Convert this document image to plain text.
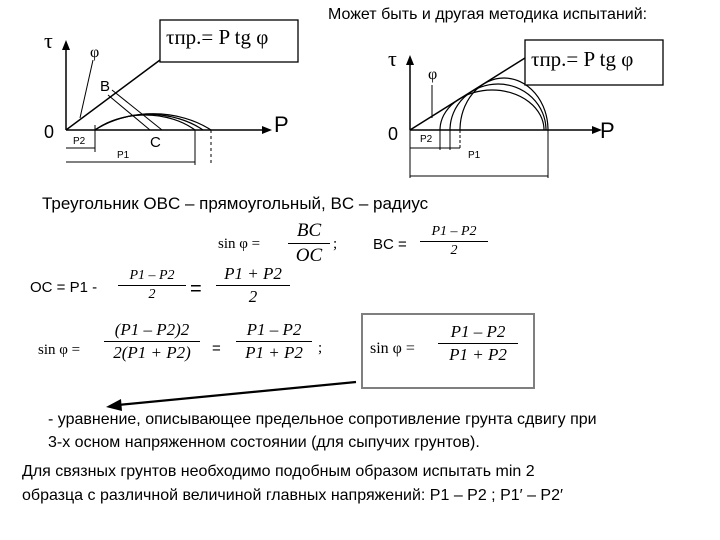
τпр.= P tg φ
τ
P
0
φ
B
C
P2
P1
Может быть и другая методика испытаний:
τпр.= P tg φ
τ
P
0
φ
P2
P1
Треугольник OBC – прямоугольный, BC – радиус
sin φ =
BC
OC
; BC =
P1 – P2
2
OC = P1 -
P1 – P2
2	=
P1 + P2
2
sin φ =
(P1 – P2)2
2(P1 + P2)	=
P1 – P2
P1 + P2	;	sin φ =
P1 – P2
P1 + P2
- уравнение, описывающее предельное сопротивление грунта сдвигу при
3-х осном напряженном состоянии (для сыпучих грунтов).
Для связных грунтов необходимо подобным образом испытать min 2
образца с различной величиной главных напряжений: P1 – P2 ; P1′ – P2′
